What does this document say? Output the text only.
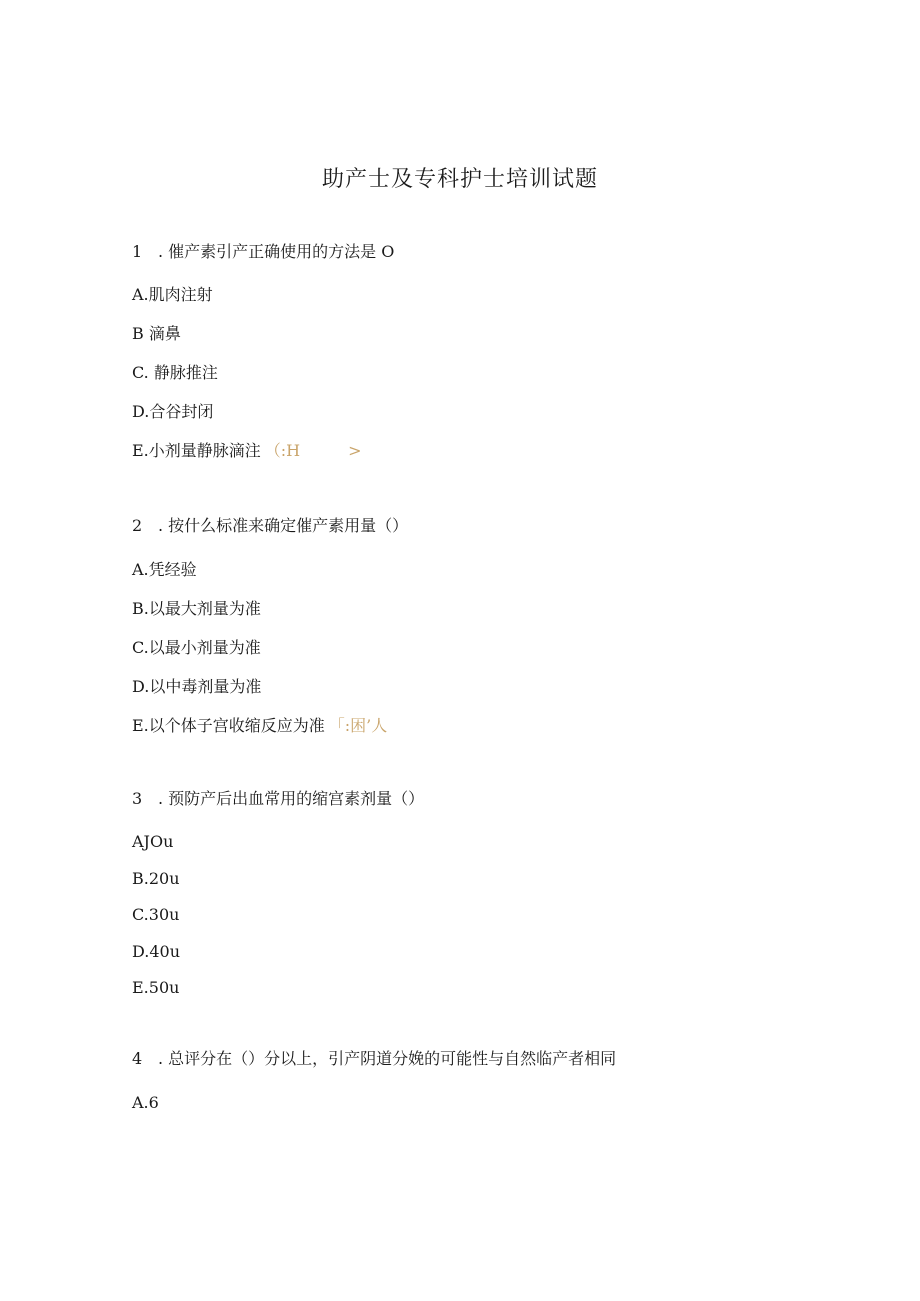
助产士及专科护士培训试题
1 . 催产素引产正确使用的方法是 O
A.肌肉注射
B 滴鼻
C. 静脉推注
D.合谷封闭
E.小剂量静脉滴注 （:H　　　>
2 . 按什么标准来确定催产素用量（）
A.凭经验
B.以最大剂量为准
C.以最小剂量为准
D.以中毒剂量为准
E.以个体子宫收缩反应为准 「:困’人
3 . 预防产后出血常用的缩宫素剂量（）
AJOu
B.20u
C.30u
D.40u
E.50u
4 . 总评分在（）分以上，引产阴道分娩的可能性与自然临产者相同
A.6
